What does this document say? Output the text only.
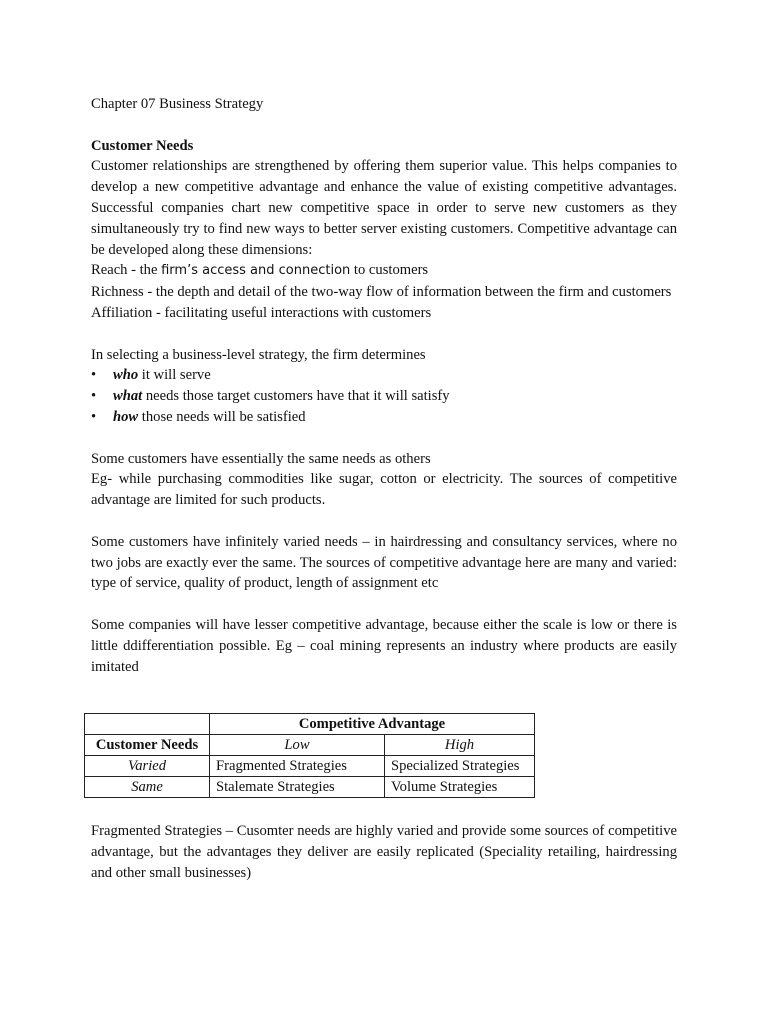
Chapter 07 Business Strategy

Customer Needs

Customer relationships are strengthened by offering them superior value. This helps companies to develop a new competitive advantage and enhance the value of existing competitive advantages. Successful companies chart new competitive space in order to serve new customers as they simultaneously try to find new ways to better server existing customers. Competitive advantage can be developed along these dimensions:

Reach - the firm’s access and connection to customers

Richness - the depth and detail of the two-way flow of information between the firm and customers

Affiliation - facilitating useful interactions with customers

In selecting a business-level strategy, the firm determines

• who it will serve
• what needs those target customers have that it will satisfy
• how those needs will be satisfied

Some customers have essentially the same needs as others

Eg- while purchasing commodities like sugar, cotton or electricity. The sources of competitive advantage are limited for such products.

Some customers have infinitely varied needs – in hairdressing and consultancy services, where no two jobs are exactly ever the same. The sources of competitive advantage here are many and varied: type of service, quality of product, length of assignment etc

Some companies will have lesser competitive advantage, because either the scale is low or there is little ddifferentiation possible. Eg – coal mining represents an industry where products are easily imitated

	Competitive Advantage	
Customer Needs	Low	High
Varied	Fragmented Strategies	Specialized Strategies
Same	Stalemate Strategies	Volume Strategies

Fragmented Strategies – Cusomter needs are highly varied and provide some sources of competitive advantage, but the advantages they deliver are easily replicated (Speciality retailing, hairdressing and other small businesses)
